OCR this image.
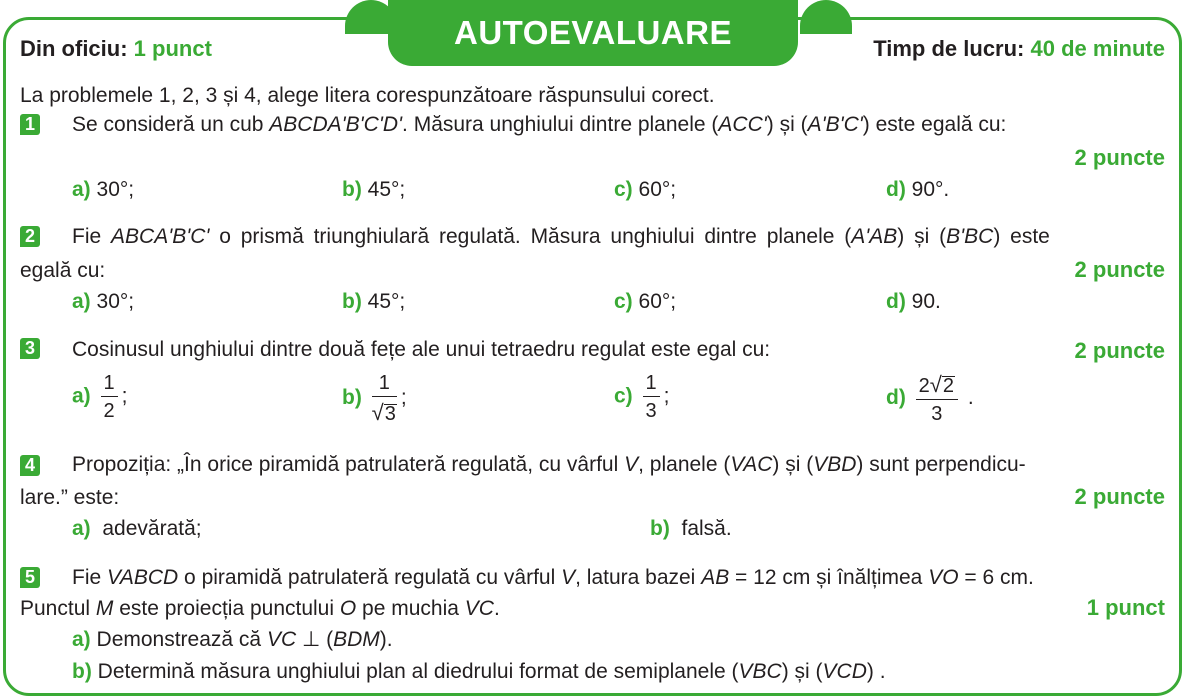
AUTOEVALUARE
Din oficiu: 1 punct	Timp de lucru: 40 de minute
La problemele 1, 2, 3 și 4, alege litera corespunzătoare răspunsului corect.
1 Se consideră un cub ABCDA'B'C'D'. Măsura unghiului dintre planele (ACC') și (A'B'C') este egală cu:
2 puncte
a) 30°;	b) 45°;	c) 60°;	d) 90°.
2 Fie ABCA'B'C' o prismă triunghiulară regulată. Măsura unghiului dintre planele (A'AB) și (B'BC) este
egală cu:	2 puncte
a) 30°;	b) 45°;	c) 60°;	d) 90.
3 Cosinusul unghiului dintre două fețe ale unui tetraedru regulat este egal cu:	2 puncte
$a) \frac{1}{2}$ ;	$b) \frac{1}{√3}$ ;	$c) \frac{1}{3}$ ;	$d) \frac{2√2}{3}$ .
4 Propoziția: „În orice piramidă patrulateră regulată, cu vârful V, planele (VAC) și (VBD) sunt perpendicu-
lare.” este:	2 puncte
a) adevărată;	b) falsă.
5 Fie VABCD o piramidă patrulateră regulată cu vârful V, latura bazei AB = 12 cm și înălțimea VO = 6 cm.
Punctul M este proiecția punctului O pe muchia VC.	1 punct
a) Demonstrează că VC ⊥ (BDM).
b) Determină măsura unghiului plan al diedrului format de semiplanele (VBC) și (VCD) .
